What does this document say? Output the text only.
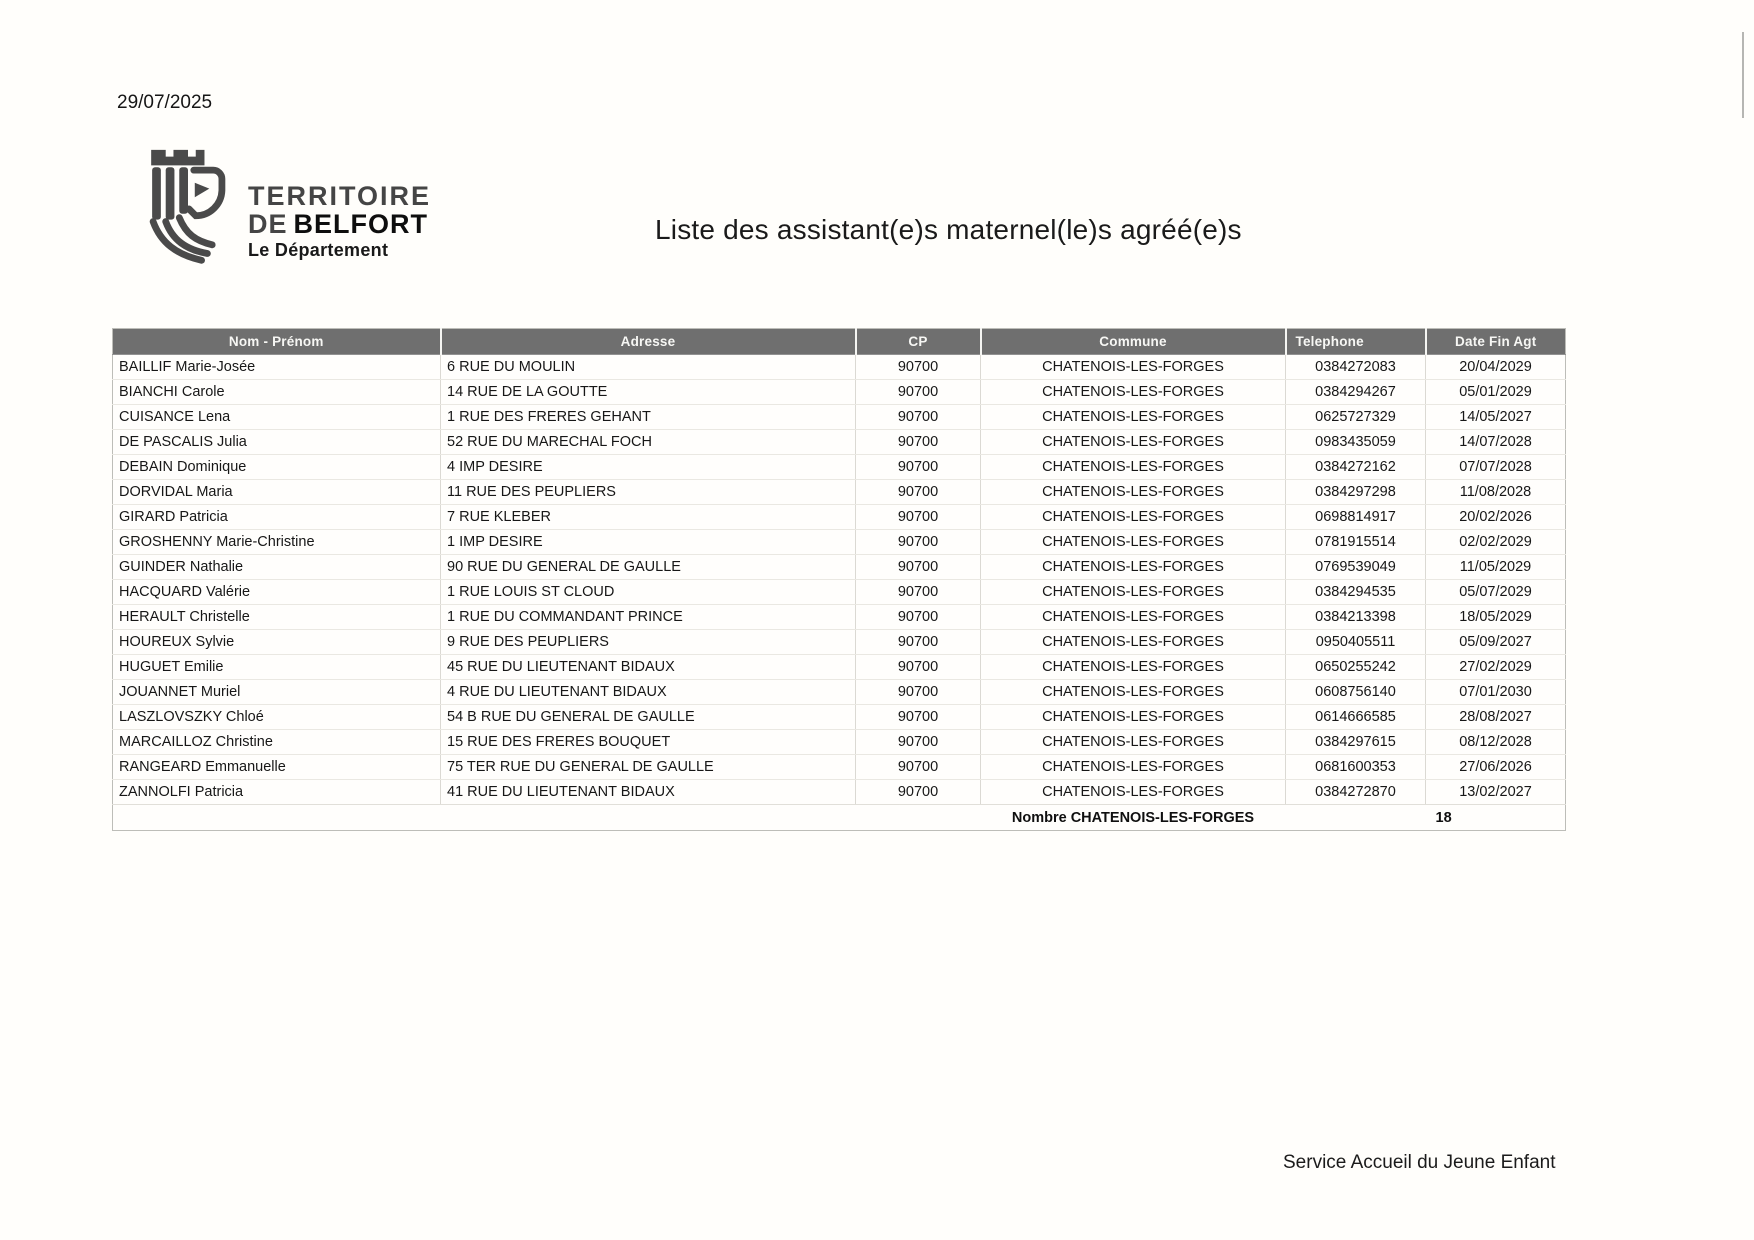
29/07/2025
TERRITOIRE
DE BELFORT
Le Département
Liste des assistant(e)s maternel(le)s agréé(e)s
Nom - Prénom	Adresse	CP	Commune	Telephone	Date Fin Agt
BAILLIF Marie-Josée	6 RUE DU MOULIN	90700	CHATENOIS-LES-FORGES	0384272083	20/04/2029
BIANCHI Carole	14 RUE DE LA GOUTTE	90700	CHATENOIS-LES-FORGES	0384294267	05/01/2029
CUISANCE Lena	1 RUE DES FRERES GEHANT	90700	CHATENOIS-LES-FORGES	0625727329	14/05/2027
DE PASCALIS Julia	52 RUE DU MARECHAL FOCH	90700	CHATENOIS-LES-FORGES	0983435059	14/07/2028
DEBAIN Dominique	4 IMP DESIRE	90700	CHATENOIS-LES-FORGES	0384272162	07/07/2028
DORVIDAL Maria	11 RUE DES PEUPLIERS	90700	CHATENOIS-LES-FORGES	0384297298	11/08/2028
GIRARD Patricia	7 RUE KLEBER	90700	CHATENOIS-LES-FORGES	0698814917	20/02/2026
GROSHENNY Marie-Christine	1 IMP DESIRE	90700	CHATENOIS-LES-FORGES	0781915514	02/02/2029
GUINDER Nathalie	90 RUE DU GENERAL DE GAULLE	90700	CHATENOIS-LES-FORGES	0769539049	11/05/2029
HACQUARD Valérie	1 RUE LOUIS ST CLOUD	90700	CHATENOIS-LES-FORGES	0384294535	05/07/2029
HERAULT Christelle	1 RUE DU COMMANDANT PRINCE	90700	CHATENOIS-LES-FORGES	0384213398	18/05/2029
HOUREUX Sylvie	9 RUE DES PEUPLIERS	90700	CHATENOIS-LES-FORGES	0950405511	05/09/2027
HUGUET Emilie	45 RUE DU LIEUTENANT BIDAUX	90700	CHATENOIS-LES-FORGES	0650255242	27/02/2029
JOUANNET Muriel	4 RUE DU LIEUTENANT BIDAUX	90700	CHATENOIS-LES-FORGES	0608756140	07/01/2030
LASZLOVSZKY Chloé	54 B RUE DU GENERAL DE GAULLE	90700	CHATENOIS-LES-FORGES	0614666585	28/08/2027
MARCAILLOZ Christine	15 RUE DES FRERES BOUQUET	90700	CHATENOIS-LES-FORGES	0384297615	08/12/2028
RANGEARD Emmanuelle	75 TER RUE DU GENERAL DE GAULLE	90700	CHATENOIS-LES-FORGES	0681600353	27/06/2026
ZANNOLFI Patricia	41 RUE DU LIEUTENANT BIDAUX	90700	CHATENOIS-LES-FORGES	0384272870	13/02/2027
			Nombre CHATENOIS-LES-FORGES		18
Service Accueil du Jeune Enfant
